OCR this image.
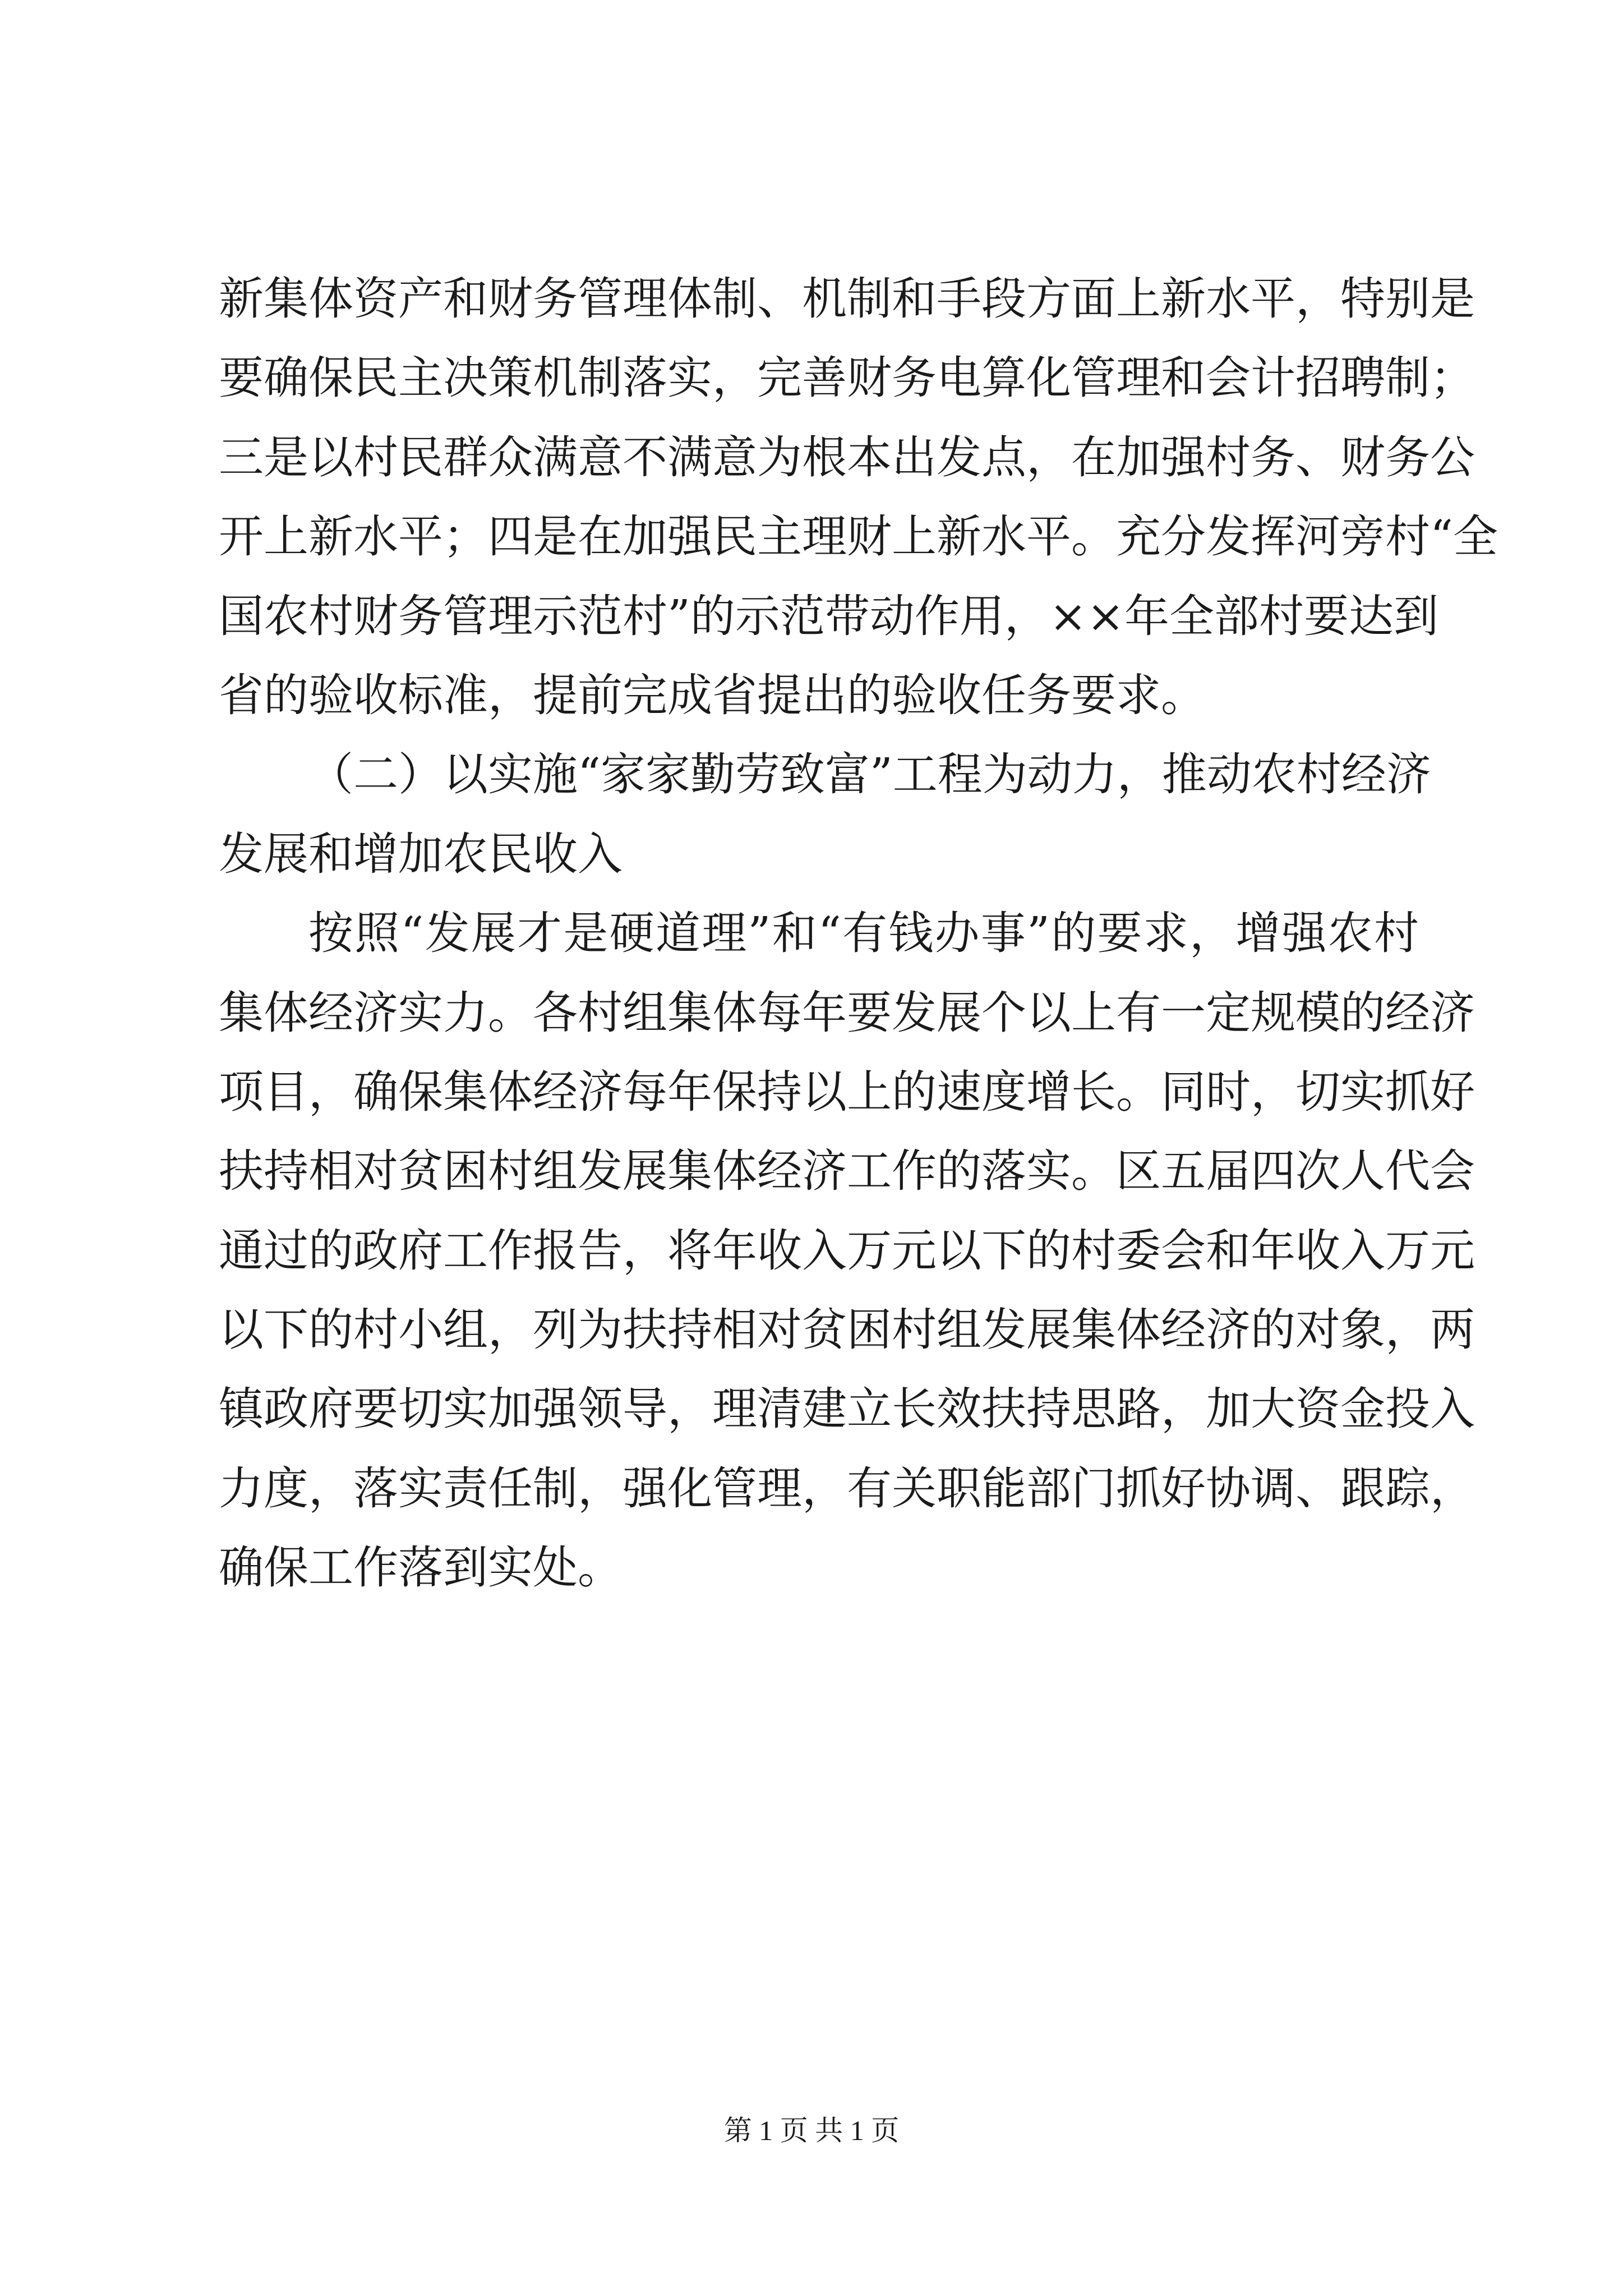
新集体资产和财务管理体制、机制和手段方面上新水平，特别是
要确保民主决策机制落实，完善财务电算化管理和会计招聘制；
三是以村民群众满意不满意为根本出发点，在加强村务、财务公
开上新水平；四是在加强民主理财上新水平。充分发挥河旁村“全
国农村财务管理示范村”的示范带动作用，××年全部村要达到
省的验收标准，提前完成省提出的验收任务要求。
（二）以实施“家家勤劳致富”工程为动力，推动农村经济
发展和增加农民收入
按照“发展才是硬道理”和“有钱办事”的要求，增强农村
集体经济实力。各村组集体每年要发展个以上有一定规模的经济
项目，确保集体经济每年保持以上的速度增长。同时，切实抓好
扶持相对贫困村组发展集体经济工作的落实。区五届四次人代会
通过的政府工作报告，将年收入万元以下的村委会和年收入万元
以下的村小组，列为扶持相对贫困村组发展集体经济的对象，两
镇政府要切实加强领导，理清建立长效扶持思路，加大资金投入
力度，落实责任制，强化管理，有关职能部门抓好协调、跟踪，
确保工作落到实处。
第 1 页 共 1 页
